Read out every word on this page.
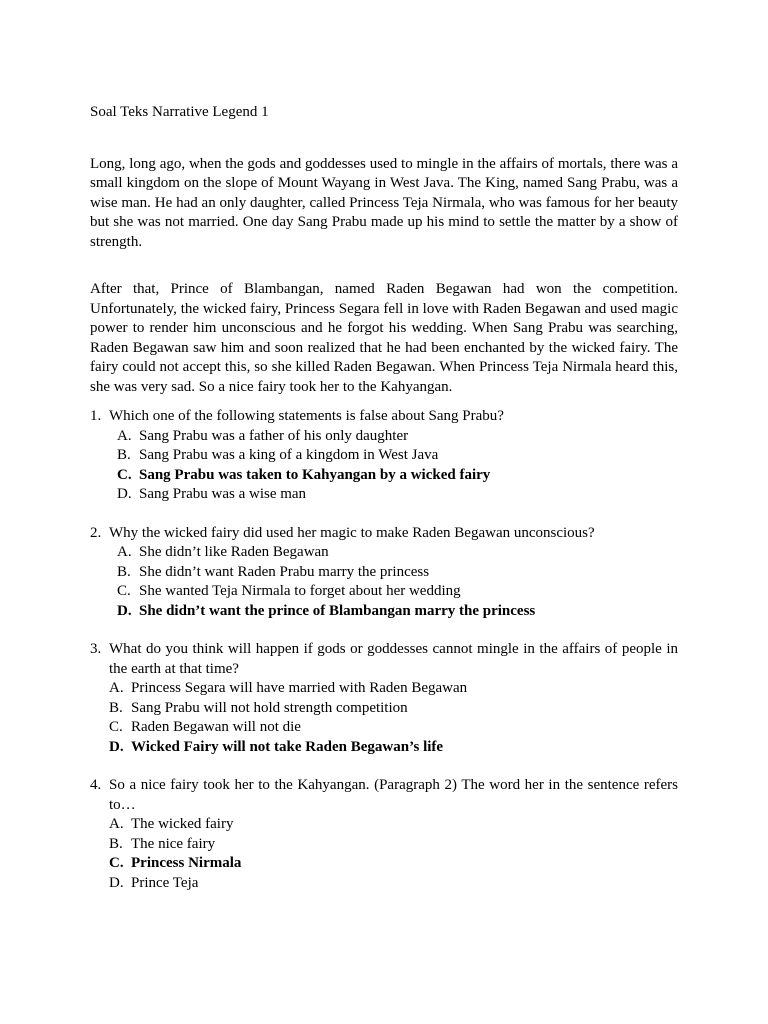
Soal Teks Narrative Legend 1

Long, long ago, when the gods and goddesses used to mingle in the affairs of mortals, there was a small kingdom on the slope of Mount Wayang in West Java. The King, named Sang Prabu, was a wise man. He had an only daughter, called Princess Teja Nirmala, who was famous for her beauty but she was not married. One day Sang Prabu made up his mind to settle the matter by a show of strength.

After that, Prince of Blambangan, named Raden Begawan had won the competition. Unfortunately, the wicked fairy, Princess Segara fell in love with Raden Begawan and used magic power to render him unconscious and he forgot his wedding. When Sang Prabu was searching, Raden Begawan saw him and soon realized that he had been enchanted by the wicked fairy. The fairy could not accept this, so she killed Raden Begawan. When Princess Teja Nirmala heard this, she was very sad. So a nice fairy took her to the Kahyangan.

1. Which one of the following statements is false about Sang Prabu?
A. Sang Prabu was a father of his only daughter
B. Sang Prabu was a king of a kingdom in West Java
C. Sang Prabu was taken to Kahyangan by a wicked fairy
D. Sang Prabu was a wise man
2. Why the wicked fairy did used her magic to make Raden Begawan unconscious?
A. She didn’t like Raden Begawan
B. She didn’t want Raden Prabu marry the princess
C. She wanted Teja Nirmala to forget about her wedding
D. She didn’t want the prince of Blambangan marry the princess
3. What do you think will happen if gods or goddesses cannot mingle in the affairs of people in the earth at that time?
A. Princess Segara will have married with Raden Begawan
B. Sang Prabu will not hold strength competition
C. Raden Begawan will not die
D. Wicked Fairy will not take Raden Begawan’s life
4. So a nice fairy took her to the Kahyangan. (Paragraph 2) The word her in the sentence refers to…
A. The wicked fairy
B. The nice fairy
C. Princess Nirmala
D. Prince Teja
